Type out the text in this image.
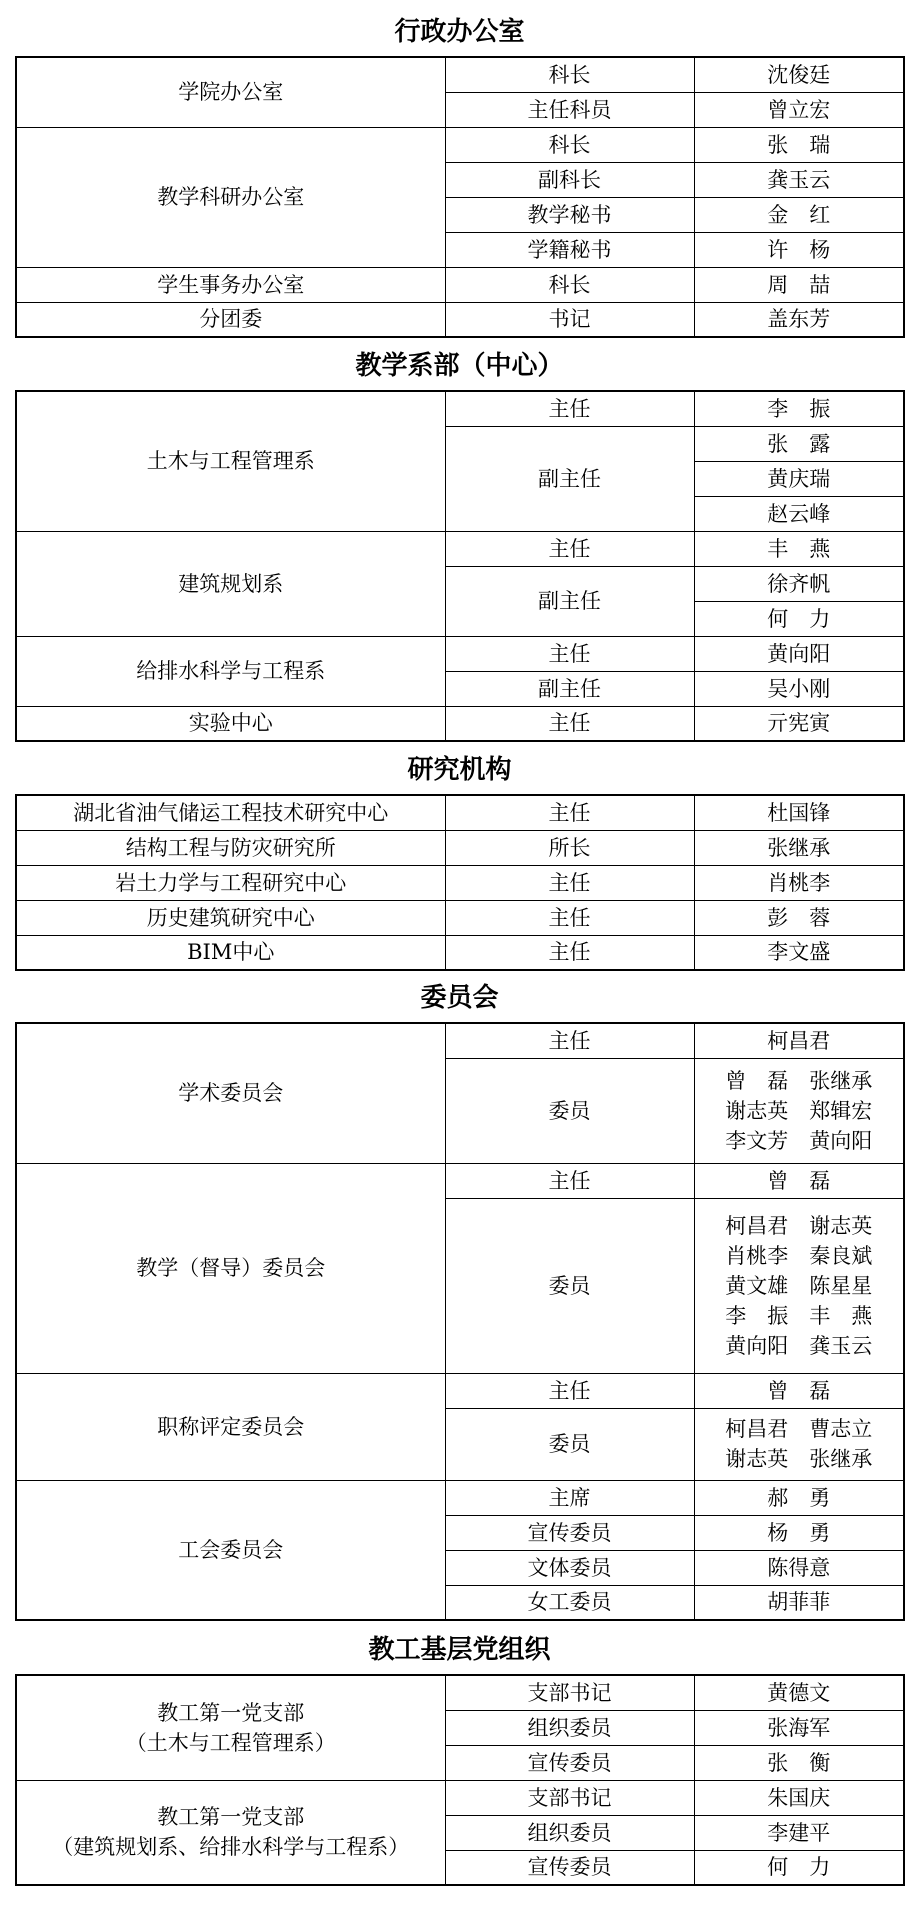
行政办公室
学院办公室	科长	沈俊廷
	主任科员	曾立宏
教学科研办公室	科长	张　瑞
	副科长	龚玉云
	教学秘书	金　红
	学籍秘书	许　杨
学生事务办公室	科长	周　喆
分团委	书记	盖东芳
教学系部（中心）
土木与工程管理系	主任	李　振
	副主任	张　露
		黄庆瑞
		赵云峰
建筑规划系	主任	丰　燕
	副主任	徐齐帆
		何　力
给排水科学与工程系	主任	黄向阳
	副主任	吴小刚
实验中心	主任	亓宪寅
研究机构
湖北省油气储运工程技术研究中心	主任	杜国锋
结构工程与防灾研究所	所长	张继承
岩土力学与工程研究中心	主任	肖桃李
历史建筑研究中心	主任	彭　蓉
BIM中心	主任	李文盛
委员会
学术委员会	主任	柯昌君
	委员	曾　磊　张继承
谢志英　郑辑宏
李文芳　黄向阳

教学（督导）委员会	主任	曾　磊
	委员	柯昌君　谢志英
肖桃李　秦良斌
黄文雄　陈星星
李　振　丰　燕
黄向阳　龚玉云

职称评定委员会	主任	曾　磊
	委员	柯昌君　曹志立
谢志英　张继承

工会委员会	主席	郝　勇
	宣传委员	杨　勇
	文体委员	陈得意
	女工委员	胡菲菲
教工基层党组织
教工第一党支部
（土木与工程管理系）	支部书记	黄德文
	组织委员	张海军
	宣传委员	张　衡

教工第一党支部
（建筑规划系、给排水科学与工程系）	支部书记	朱国庆
	组织委员	李建平
	宣传委员	何　力
